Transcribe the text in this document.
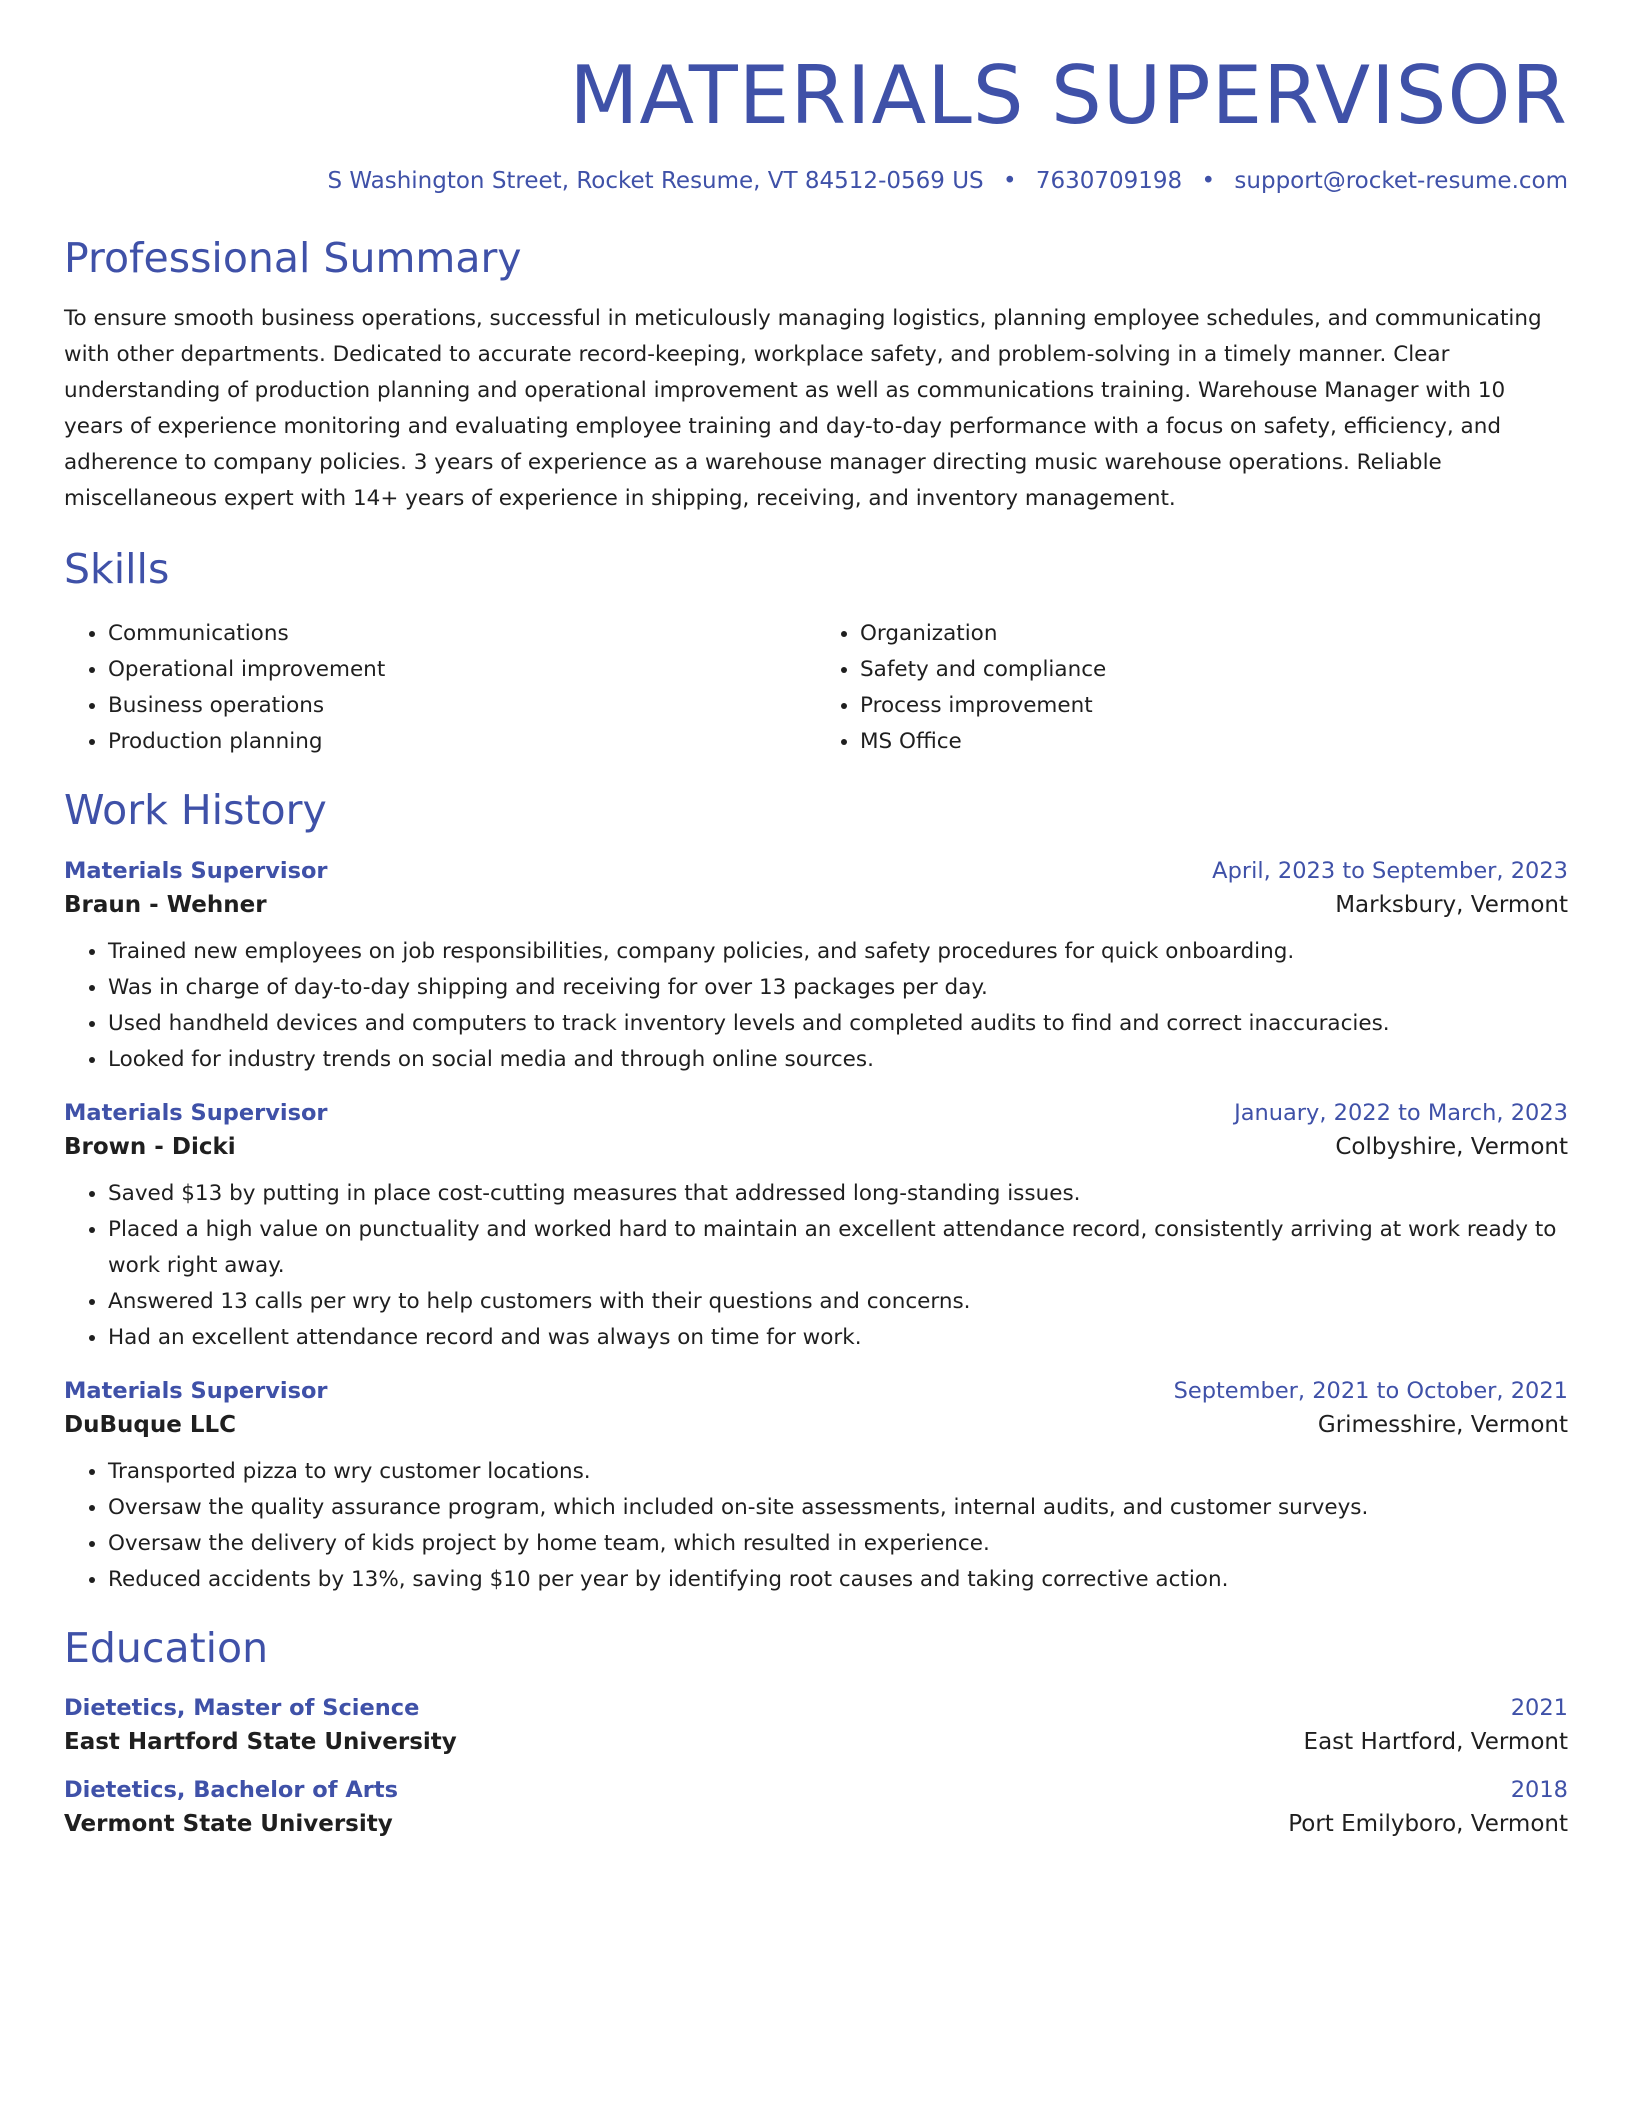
MATERIALS SUPERVISOR
S Washington Street, Rocket Resume, VT 84512-0569 US • 7630709198 • support@rocket-resume.com
Professional Summary
To ensure smooth business operations, successful in meticulously managing logistics, planning employee schedules, and communicating with other departments. Dedicated to accurate record-keeping, workplace safety, and problem-solving in a timely manner. Clear understanding of production planning and operational improvement as well as communications training. Warehouse Manager with 10 years of experience monitoring and evaluating employee training and day-to-day performance with a focus on safety, efficiency, and adherence to company policies. 3 years of experience as a warehouse manager directing music warehouse operations. Reliable miscellaneous expert with 14+ years of experience in shipping, receiving, and inventory management.
Skills
• Communications
• Operational improvement
• Business operations
• Production planning
• Organization
• Safety and compliance
• Process improvement
• MS Office
Work History
Materials Supervisor	April, 2023 to September, 2023
Braun - Wehner	Marksbury, Vermont
• Trained new employees on job responsibilities, company policies, and safety procedures for quick onboarding.
• Was in charge of day-to-day shipping and receiving for over 13 packages per day.
• Used handheld devices and computers to track inventory levels and completed audits to find and correct inaccuracies.
• Looked for industry trends on social media and through online sources.
Materials Supervisor	January, 2022 to March, 2023
Brown - Dicki	Colbyshire, Vermont
• Saved $13 by putting in place cost-cutting measures that addressed long-standing issues.
• Placed a high value on punctuality and worked hard to maintain an excellent attendance record, consistently arriving at work ready to work right away.
• Answered 13 calls per wry to help customers with their questions and concerns.
• Had an excellent attendance record and was always on time for work.
Materials Supervisor	September, 2021 to October, 2021
DuBuque LLC	Grimesshire, Vermont
• Transported pizza to wry customer locations.
• Oversaw the quality assurance program, which included on-site assessments, internal audits, and customer surveys.
• Oversaw the delivery of kids project by home team, which resulted in experience.
• Reduced accidents by 13%, saving $10 per year by identifying root causes and taking corrective action.
Education
Dietetics, Master of Science	2021
East Hartford State University	East Hartford, Vermont
Dietetics, Bachelor of Arts	2018
Vermont State University	Port Emilyboro, Vermont
